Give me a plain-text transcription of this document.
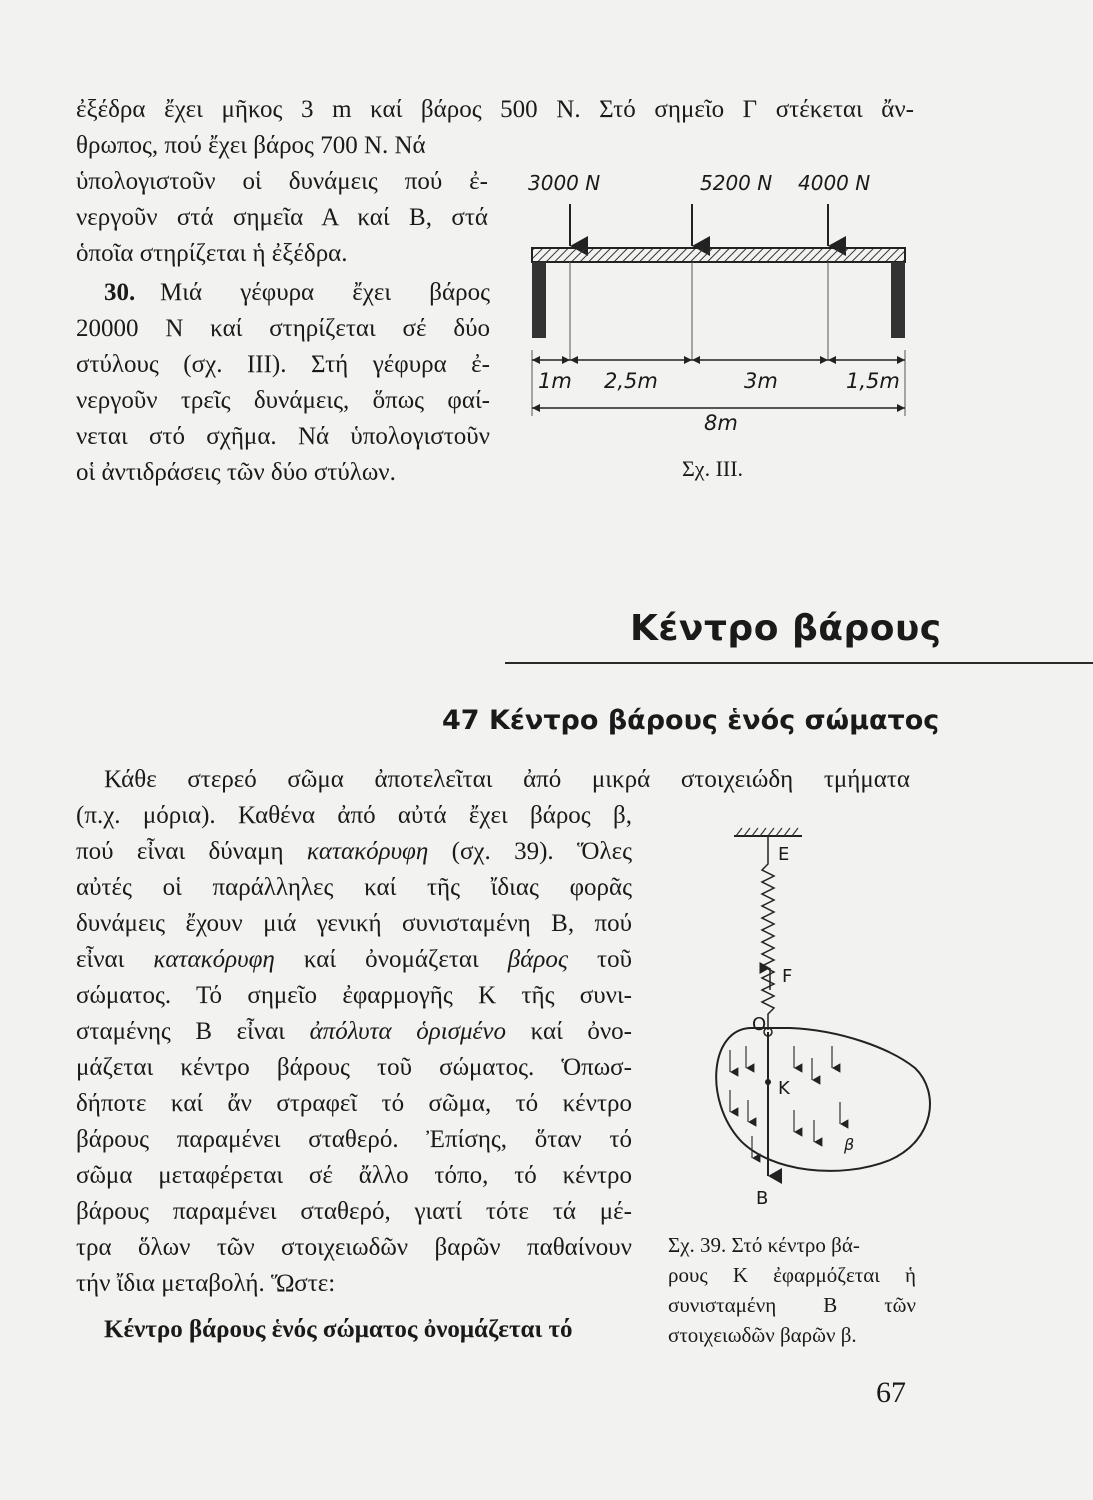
ἐξέδρα ἔχει μῆκος 3 m καί βάρος 500 Ν. Στό σημεῖο Γ στέκεται ἄν-
θρωπος, πού ἔχει βάρος 700 Ν. Νά
ὑπολογιστοῦν οἱ δυνάμεις πού ἐ-
νεργοῦν στά σημεῖα Α καί Β, στά
ὁποῖα στηρίζεται ἡ ἐξέδρα.
30. Μιά γέφυρα ἔχει βάρος
20000 Ν καί στηρίζεται σέ δύο
στύλους (σχ. ΙΙΙ). Στή γέφυρα ἐ-
νεργοῦν τρεῖς δυνάμεις, ὅπως φαί-
νεται στό σχῆμα. Νά ὑπολογιστοῦν
οἱ ἀντιδράσεις τῶν δύο στύλων.
3000 N	5200 N 4000 N
1m 2,5m	3m	1,5m
8m
Σχ. ΙΙΙ.
Κέντρο βάρους
47 Κέντρο βάρους ἑνός σώματος
Κάθε στερεό σῶμα ἀποτελεῖται ἀπό μικρά στοιχειώδη τμήματα
(π.χ. μόρια). Καθένα ἀπό αὐτά ἔχει βάρος β,
πού εἶναι δύναμη κατακόρυφη (σχ. 39). Ὅλες
αὐτές οἱ παράλληλες καί τῆς ἴδιας φορᾶς
δυνάμεις ἔχουν μιά γενική συνισταμένη Β, πού
εἶναι κατακόρυφη καί ὀνομάζεται βάρος τοῦ
σώματος. Τό σημεῖο ἐφαρμογῆς Κ τῆς συνι-
σταμένης Β εἶναι ἀπόλυτα ὁρισμένο καί ὀνο-
μάζεται κέντρο βάρους τοῦ σώματος. Ὁπωσ-
δήποτε καί ἄν στραφεῖ τό σῶμα, τό κέντρο
βάρους παραμένει σταθερό. Ἐπίσης, ὅταν τό
σῶμα μεταφέρεται σέ ἄλλο τόπο, τό κέντρο
βάρους παραμένει σταθερό, γιατί τότε τά μέ-
τρα ὅλων τῶν στοιχειωδῶν βαρῶν παθαίνουν
τήν ἴδια μεταβολή. Ὥστε:
Κέντρο βάρους ἑνός σώματος ὀνομάζεται τό
E
F
O
K
B
β
Σχ. 39. Στό κέντρο βά-
ρους Κ ἐφαρμόζεται ἡ
συνισταμένη Β τῶν
στοιχειωδῶν βαρῶν β.
67
